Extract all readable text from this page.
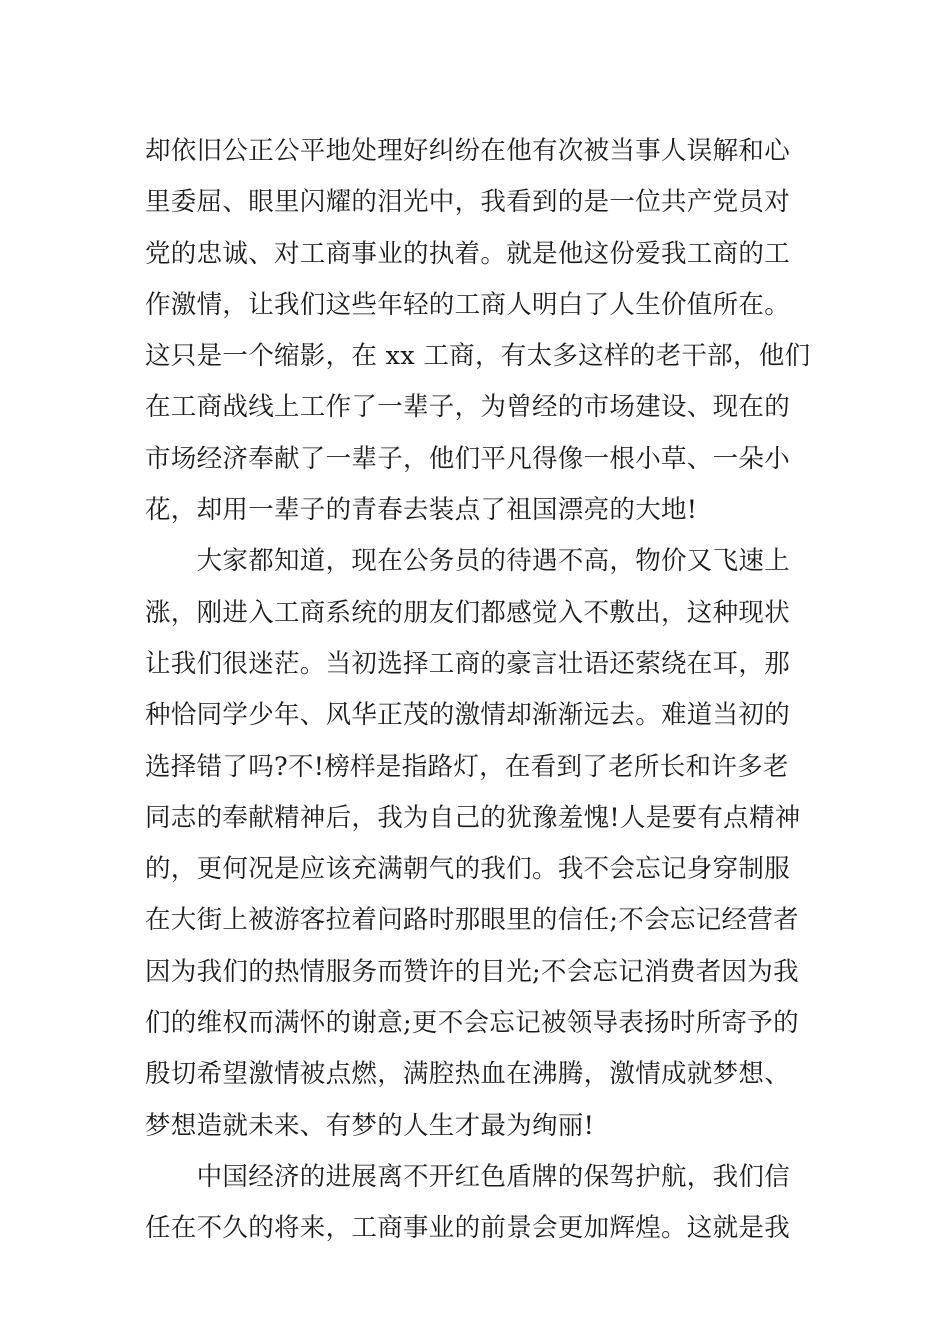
却依旧公正公平地处理好纠纷在他有次被当事人误解和心
里委屈、眼里闪耀的泪光中，我看到的是一位共产党员对
党的忠诚、对工商事业的执着。就是他这份爱我工商的工
作激情，让我们这些年轻的工商人明白了人生价值所在。
这只是一个缩影，在 xx 工商，有太多这样的老干部，他们
在工商战线上工作了一辈子，为曾经的市场建设、现在的
市场经济奉献了一辈子，他们平凡得像一根小草、一朵小
花，却用一辈子的青春去装点了祖国漂亮的大地!
　　大家都知道，现在公务员的待遇不高，物价又飞速上
涨，刚进入工商系统的朋友们都感觉入不敷出，这种现状
让我们很迷茫。当初选择工商的豪言壮语还萦绕在耳，那
种恰同学少年、风华正茂的激情却渐渐远去。难道当初的
选择错了吗?不!榜样是指路灯，在看到了老所长和许多老
同志的奉献精神后，我为自己的犹豫羞愧!人是要有点精神
的，更何况是应该充满朝气的我们。我不会忘记身穿制服
在大街上被游客拉着问路时那眼里的信任;不会忘记经营者
因为我们的热情服务而赞许的目光;不会忘记消费者因为我
们的维权而满怀的谢意;更不会忘记被领导表扬时所寄予的
殷切希望激情被点燃，满腔热血在沸腾，激情成就梦想、
梦想造就未来、有梦的人生才最为绚丽!
　　中国经济的进展离不开红色盾牌的保驾护航，我们信
任在不久的将来，工商事业的前景会更加辉煌。这就是我
